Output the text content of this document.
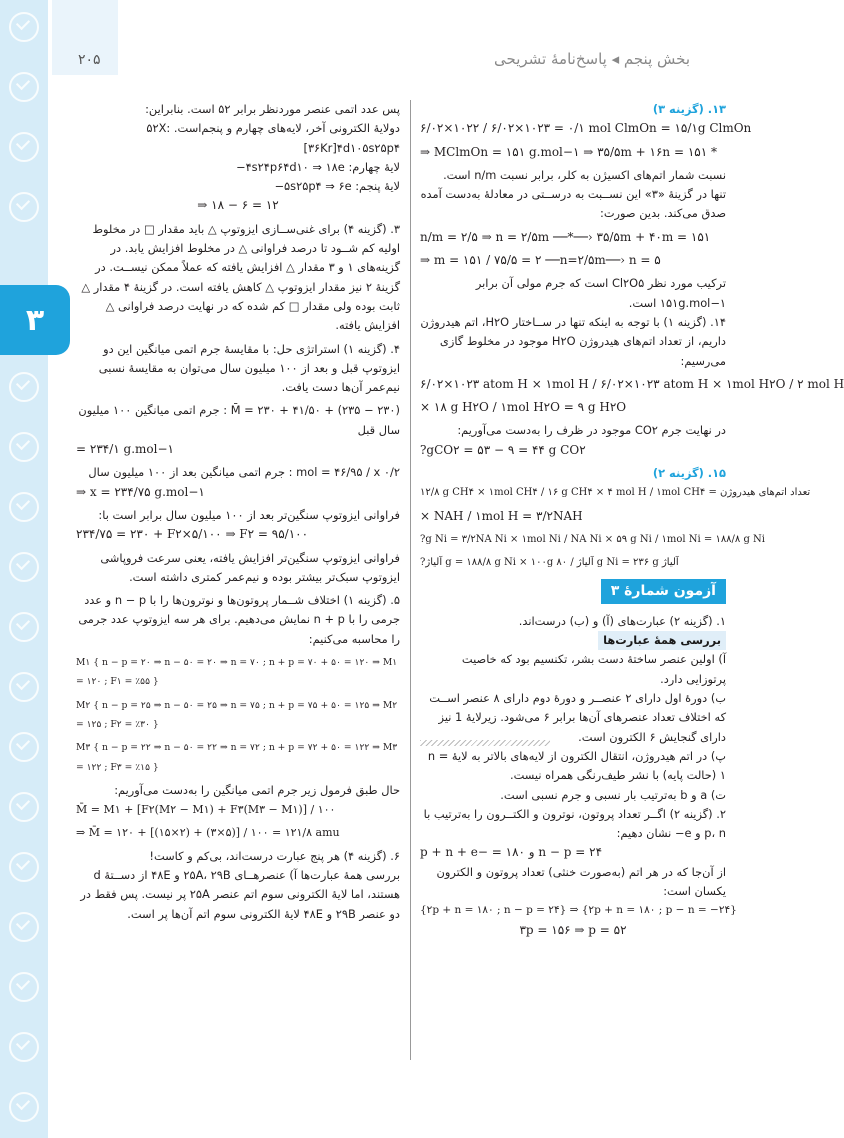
۳
۲۰۵	بخش پنجم ◂ پاسخ‌نامهٔ تشریحی
۱۳. (گزینه ۳)
۶/۰۲×۱۰۲۲ / ۶/۰۲×۱۰۲۳ = ۰/۱ mol ClmOn = ۱۵/۱g ClmOn
⇒ MClmOn = ۱۵۱ g.mol−۱ ⇒ ۳۵/۵m + ۱۶n = ۱۵۱ *
نسبت شمار اتم‌های اکسیژن به کلر، برابر نسبت n/m است.
تنها در گزینهٔ «۳» این نســبت به درســتی در معادلهٔ به‌دست آمده صدق می‌کند. بدین صورت:
n/m = ۲/۵ ⇒ n = ۲/۵m ──*──› ۳۵/۵m + ۴۰m = ۱۵۱
⇒ m = ۱۵۱ / ۷۵/۵ = ۲ ──n=۲/۵m──› n = ۵
ترکیب مورد نظر Cl۲O۵ است که جرم مولی آن برابر ۱۵۱g.mol−۱ است.
۱۴. (گزینه ۱) با توجه به اینکه تنها در ســاختار H۲O، اتم هیدروژن داریم، از تعداد اتم‌های هیدروژن H۲O موجود در مخلوط گازی می‌رسیم:
۶/۰۲×۱۰۲۳ atom H × ۱mol H / ۶/۰۲×۱۰۲۳ atom H × ۱mol H۲O / ۲ mol H
× ۱۸ g H۲O / ۱mol H۲O = ۹ g H۲O
در نهایت جرم CO۲ موجود در ظرف را به‌دست می‌آوریم:
?gCO۲ = ۵۳ − ۹ = ۴۴ g CO۲
۱۵. (گزینه ۲)
۱۲/۸ g CH۴ × ۱mol CH۴ / ۱۶ g CH۴ × ۴ mol H / ۱mol CH۴ = تعداد اتم‌های هیدروژن
× NAH / ۱mol H = ۳/۲NAH
?g Ni = ۳/۲NA Ni × ۱mol Ni / NA Ni × ۵۹ g Ni / ۱mol Ni = ۱۸۸/۸ g Ni
?آلیاژ g = ۱۸۸/۸ g Ni × ۱۰۰g آلیاژ / ۸۰ g Ni = ۲۳۶ g آلیاژ
آزمون شمارهٔ ۳
۱. (گزینه ۲) عبارت‌های (آ) و (ب) درست‌اند.
بررسی همهٔ عبارت‌ها
آ) اولین عنصر ساختهٔ دست بشر، تکنسیم بود که خاصیت پرتوزایی دارد.
ب) دورهٔ اول دارای ۲ عنصــر و دورهٔ دوم دارای ۸ عنصر اســت که اختلاف تعداد عنصرهای آن‌ها برابر ۶ می‌شود. زیرلایهٔ 1 نیز دارای گنجایش ۶ الکترون است.
پ) در اتم هیدروژن، انتقال الکترون از لایه‌های بالاتر به لایهٔ n = ۱ (حالت پایه) با نشر طیف‌رنگی همراه نیست.
ت) a و b به‌ترتیب بار نسبی و جرم نسبی است.
۲. (گزینه ۲) اگــر تعداد پروتون، نوترون و الکتــرون را به‌ترتیب با p، n و e− نشان دهیم:
p + n + e− = ۱۸۰ و n − p = ۲۴
از آن‌جا که در هر اتم (به‌صورت خنثی) تعداد پروتون و الکترون یکسان است:
{۲p + n = ۱۸۰ ; n − p = ۲۴} ⇒ {۲p + n = ۱۸۰ ; p − n = −۲۴}
۳p = ۱۵۶ ⇒ p = ۵۲
پس عدد اتمی عنصر موردنظر برابر ۵۲ است. بنابراین:
دولایهٔ الکترونی آخر، لایه‌های چهارم و پنجم‌است. ۵۲X:[۳۶Kr]۴d۱۰۵s۲۵p۴
لایهٔ چهارم: ۴s۲۴p۶۴d۱۰ ⇒ ۱۸e−
لایهٔ پنجم: ۵s۲۵p۴ ⇒ ۶e−
⇒ ۱۸ − ۶ = ۱۲
۳. (گزینه ۴) برای غنی‌ســازی ایزوتوپ △ باید مقدار □ در مخلوط اولیه کم شــود تا درصد فراوانی △ در مخلوط افزایش یابد. در گزینه‌های ۱ و ۳ مقدار △ افزایش یافته که عملاً ممکن نیســت. در گزینهٔ ۲ نیز مقدار ایزوتوپ △ کاهش یافته است. در گزینهٔ ۴ مقدار △ ثابت بوده ولی مقدار □ کم شده که در نهایت درصد فراوانی △ افزایش یافته.
۴. (گزینه ۱) استراتژی حل: با مقایسهٔ جرم اتمی میانگین این دو ایزوتوپ قبل و بعد از ۱۰۰ میلیون سال می‌توان به مقایسهٔ نسبی نیم‌عمر آن‌ها دست یافت.
(۲۳۰ − ۲۳۵) + ۴۱/۵۰ + M̄ = ۲۳۰ : جرم اتمی میانگین ۱۰۰ میلیون سال قبل
= ۲۳۴/۱ g.mol−۱
۰/۲ mol = ۴۶/۹۵ / x : جرم اتمی میانگین بعد از ۱۰۰ میلیون سال
⇒ x = ۲۳۴/۷۵ g.mol−۱
فراوانی ایزوتوپ سنگین‌تر بعد از ۱۰۰ میلیون سال برابر است با:
۲۳۴/۷۵ = ۲۳۰ + F۲×۵/۱۰۰ ⇒ F۲ = ۹۵/۱۰۰
فراوانی ایزوتوپ سنگین‌تر افزایش یافته، یعنی سرعت فروپاشی ایزوتوپ سبک‌تر بیشتر بوده و نیم‌عمر کمتری داشته است.
۵. (گزینه ۱) اختلاف شــمار پروتون‌ها و نوترون‌ها را با n − p و عدد جرمی را با n + p نمایش می‌دهیم. برای هر سه ایزوتوپ عدد جرمی را محاسبه می‌کنیم:
M۱ { n − p = ۲۰ ⇒ n − ۵۰ = ۲۰ ⇒ n = ۷۰ ; n + p = ۷۰ + ۵۰ = ۱۲۰ ⇒ M۱ = ۱۲۰ ; F۱ = ٪۵۵ }
M۲ { n − p = ۲۵ ⇒ n − ۵۰ = ۲۵ ⇒ n = ۷۵ ; n + p = ۷۵ + ۵۰ = ۱۲۵ ⇒ M۲ = ۱۲۵ ; F۲ = ٪۳۰ }
M۳ { n − p = ۲۲ ⇒ n − ۵۰ = ۲۲ ⇒ n = ۷۲ ; n + p = ۷۲ + ۵۰ = ۱۲۲ ⇒ M۳ = ۱۲۲ ; F۳ = ٪۱۵ }
حال طبق فرمول زیر جرم اتمی میانگین را به‌دست می‌آوریم:
M̄ = M۱ + [F۲(M۲ − M۱) + F۳(M۳ − M۱)] / ۱۰۰
⇒ M̄ = ۱۲۰ + [(۱۵×۲) + (۳×۵)] / ۱۰۰ = ۱۲۱/۸ amu
۶. (گزینه ۴) هر پنج عبارت درست‌اند، بی‌کم و کاست!
بررسی همهٔ عبارت‌ها آ) عنصرهــای ۲۵A، ۲۹B و ۴۸E از دســتهٔ d هستند، اما لایهٔ الکترونی سوم اتم عنصر ۲۵A پر نیست. پس فقط در دو عنصر ۲۹B و ۴۸E لایهٔ الکترونی سوم اتم آن‌ها پر است.
